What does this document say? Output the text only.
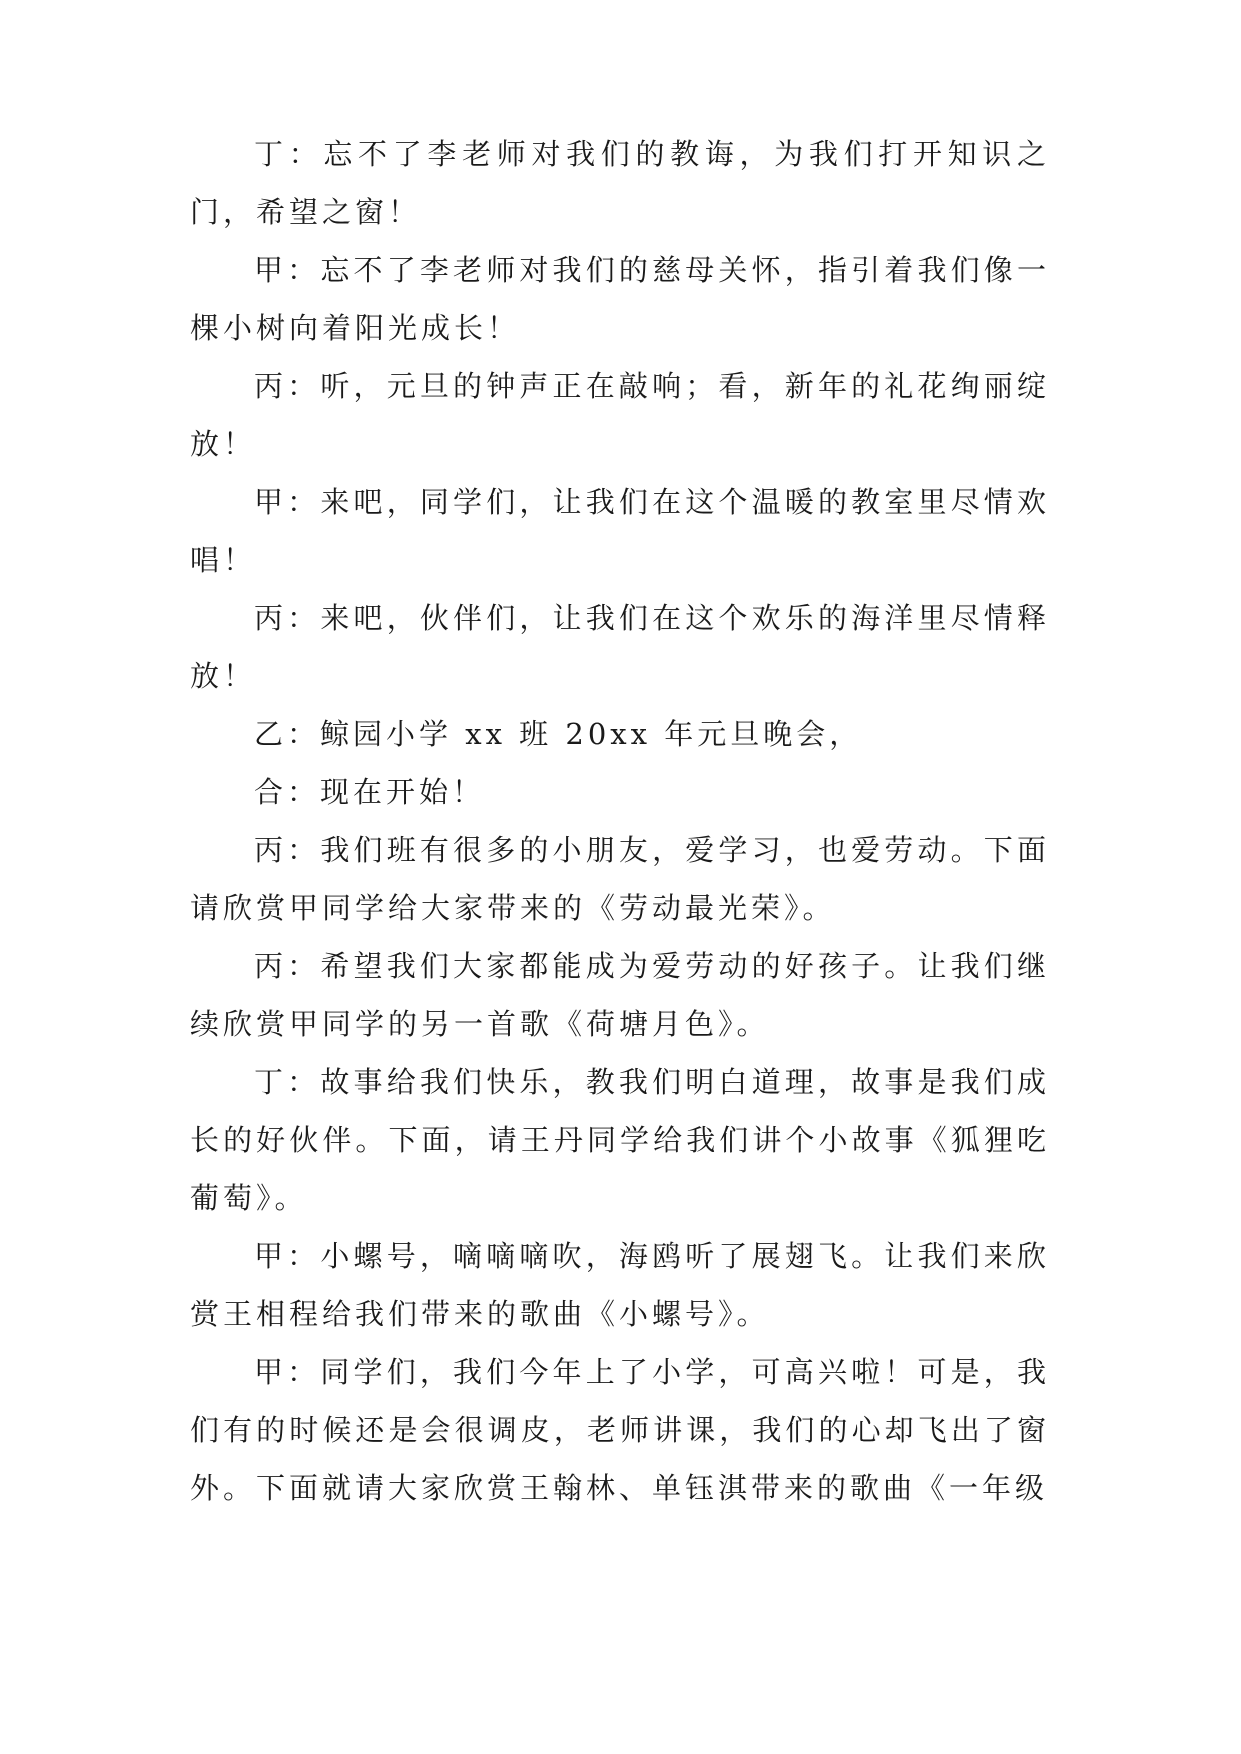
丁：忘不了李老师对我们的教诲，为我们打开知识之门，希望之窗！

甲：忘不了李老师对我们的慈母关怀，指引着我们像一棵小树向着阳光成长！

丙：听，元旦的钟声正在敲响；看，新年的礼花绚丽绽放！

甲：来吧，同学们，让我们在这个温暖的教室里尽情欢唱！

丙：来吧，伙伴们，让我们在这个欢乐的海洋里尽情释放！

乙：鲸园小学 xx 班 20xx 年元旦晚会，

合：现在开始！

丙：我们班有很多的小朋友，爱学习，也爱劳动。下面请欣赏甲同学给大家带来的《劳动最光荣》。

丙：希望我们大家都能成为爱劳动的好孩子。让我们继续欣赏甲同学的另一首歌《荷塘月色》。

丁：故事给我们快乐，教我们明白道理，故事是我们成长的好伙伴。下面，请王丹同学给我们讲个小故事《狐狸吃葡萄》。

甲：小螺号，嘀嘀嘀吹，海鸥听了展翅飞。让我们来欣赏王相程给我们带来的歌曲《小螺号》。

甲：同学们，我们今年上了小学，可高兴啦！可是，我们有的时候还是会很调皮，老师讲课，我们的心却飞出了窗外。下面就请大家欣赏王翰林、单钰淇带来的歌曲《一年级
